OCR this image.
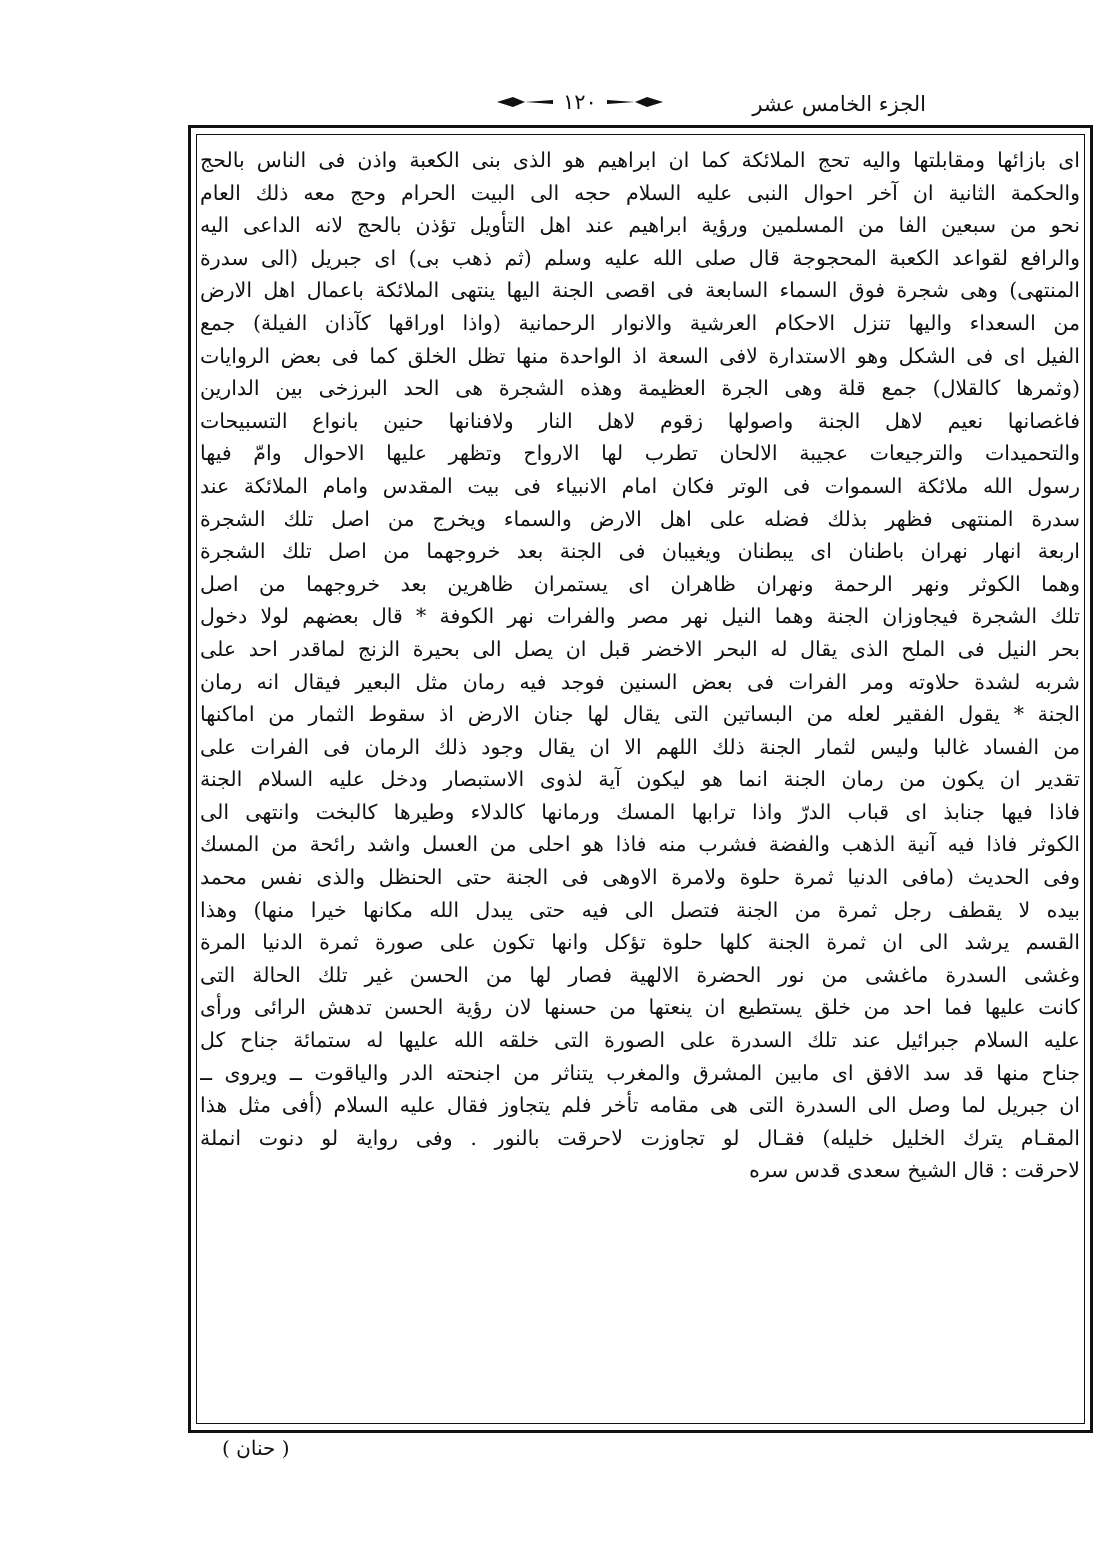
١٢٠	الجزء الخامس عشر
اى بازائها ومقابلتها واليه تحج الملائكة كما ان ابراهيم هو الذى بنى الكعبة واذن فى الناس بالحج
والحكمة الثانية ان آخر احوال النبى عليه السلام حجه الى البيت الحرام وحج معه ذلك العام
نحو من سبعين الفا من المسلمين ورؤية ابراهيم عند اهل التأويل تؤذن بالحج لانه الداعى اليه
والرافع لقواعد الكعبة المحجوجة قال صلى الله عليه وسلم (ثم ذهب بى) اى جبريل (الى سدرة
المنتهى) وهى شجرة فوق السماء السابعة فى اقصى الجنة اليها ينتهى الملائكة باعمال اهل الارض
من السعداء واليها تنزل الاحكام العرشية والانوار الرحمانية (واذا اوراقها كآذان الفيلة) جمع
الفيل اى فى الشكل وهو الاستدارة لافى السعة اذ الواحدة منها تظل الخلق كما فى بعض الروايات
(وثمرها كالقلال) جمع قلة وهى الجرة العظيمة وهذه الشجرة هى الحد البرزخى بين الدارين
فاغصانها نعيم لاهل الجنة واصولها زقوم لاهل النار ولافنانها حنين بانواع التسبيحات
والتحميدات والترجيعات عجيبة الالحان تطرب لها الارواح وتظهر عليها الاحوال وامّ فيها
رسول الله ملائكة السموات فى الوتر فكان امام الانبياء فى بيت المقدس وامام الملائكة عند
سدرة المنتهى فظهر بذلك فضله على اهل الارض والسماء ويخرج من اصل تلك الشجرة
اربعة انهار نهران باطنان اى يبطنان ويغيبان فى الجنة بعد خروجهما من اصل تلك الشجرة
وهما الكوثر ونهر الرحمة ونهران ظاهران اى يستمران ظاهرين بعد خروجهما من اصل
تلك الشجرة فيجاوزان الجنة وهما النيل نهر مصر والفرات نهر الكوفة * قال بعضهم لولا دخول
بحر النيل فى الملح الذى يقال له البحر الاخضر قبل ان يصل الى بحيرة الزنج لماقدر احد على
شربه لشدة حلاوته ومر الفرات فى بعض السنين فوجد فيه رمان مثل البعير فيقال انه رمان
الجنة * يقول الفقير لعله من البساتين التى يقال لها جنان الارض اذ سقوط الثمار من اماكنها
من الفساد غالبا وليس لثمار الجنة ذلك اللهم الا ان يقال وجود ذلك الرمان فى الفرات على
تقدير ان يكون من رمان الجنة انما هو ليكون آية لذوى الاستبصار ودخل عليه السلام الجنة
فاذا فيها جنابذ اى قباب الدرّ واذا ترابها المسك ورمانها كالدلاء وطيرها كالبخت وانتهى الى
الكوثر فاذا فيه آنية الذهب والفضة فشرب منه فاذا هو احلى من العسل واشد رائحة من المسك
وفى الحديث (مافى الدنيا ثمرة حلوة ولامرة الاوهى فى الجنة حتى الحنظل والذى نفس محمد
بيده لا يقطف رجل ثمرة من الجنة فتصل الى فيه حتى يبدل الله مكانها خيرا منها) وهذا
القسم يرشد الى ان ثمرة الجنة كلها حلوة تؤكل وانها تكون على صورة ثمرة الدنيا المرة
وغشى السدرة ماغشى من نور الحضرة الالهية فصار لها من الحسن غير تلك الحالة التى
كانت عليها فما احد من خلق يستطيع ان ينعتها من حسنها لان رؤية الحسن تدهش الرائى ورأى
عليه السلام جبرائيل عند تلك السدرة على الصورة التى خلقه الله عليها له ستمائة جناح كل
جناح منها قد سد الافق اى مابين المشرق والمغرب يتناثر من اجنحته الدر والياقوت ــ ويروى ــ
ان جبريل لما وصل الى السدرة التى هى مقامه تأخر فلم يتجاوز فقال عليه السلام (أفى مثل هذا
المقـام يترك الخليل خليله) فقـال لو تجاوزت لاحرقت بالنور . وفى رواية لو دنوت انملة
لاحرقت : قال الشيخ سعدى قدس سره
( حنان )
